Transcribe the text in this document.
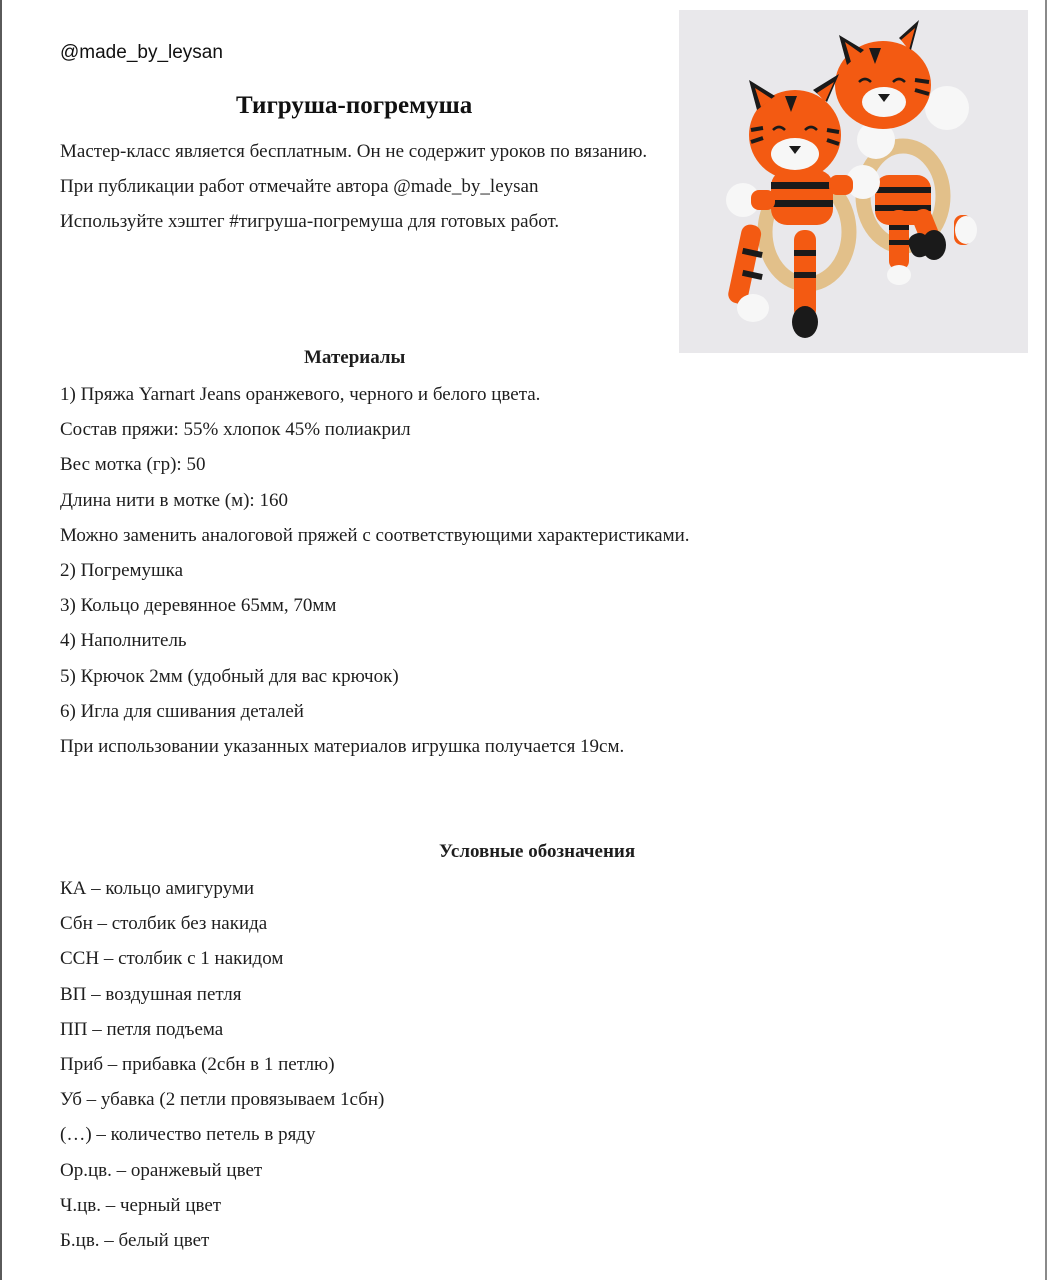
@made_by_leysan
Тигруша-погремуша

Мастер-класс является бесплатным. Он не содержит уроков по вязанию.

При публикации работ отмечайте автора @made_by_leysan

Используйте хэштег #тигруша-погремуша для готовых работ.

Материалы
1) Пряжа Yarnart Jeans оранжевого, черного и белого цвета.
Состав пряжи: 55% хлопок 45% полиакрил
Вес мотка (гр): 50
Длина нити в мотке (м): 160
Можно заменить аналоговой пряжей с соответствующими характеристиками.
2) Погремушка
3) Кольцо деревянное 65мм, 70мм
4) Наполнитель
5) Крючок 2мм (удобный для вас крючок)
6) Игла для сшивания деталей
При использовании указанных материалов игрушка получается 19см.
Условные обозначения
КА – кольцо амигуруми
Сбн – столбик без накида
ССН – столбик с 1 накидом
ВП – воздушная петля
ПП – петля подъема
Приб – прибавка (2сбн в 1 петлю)
Уб – убавка (2 петли провязываем 1сбн)
(…) – количество петель в ряду
Ор.цв. – оранжевый цвет
Ч.цв. – черный цвет
Б.цв. – белый цвет
